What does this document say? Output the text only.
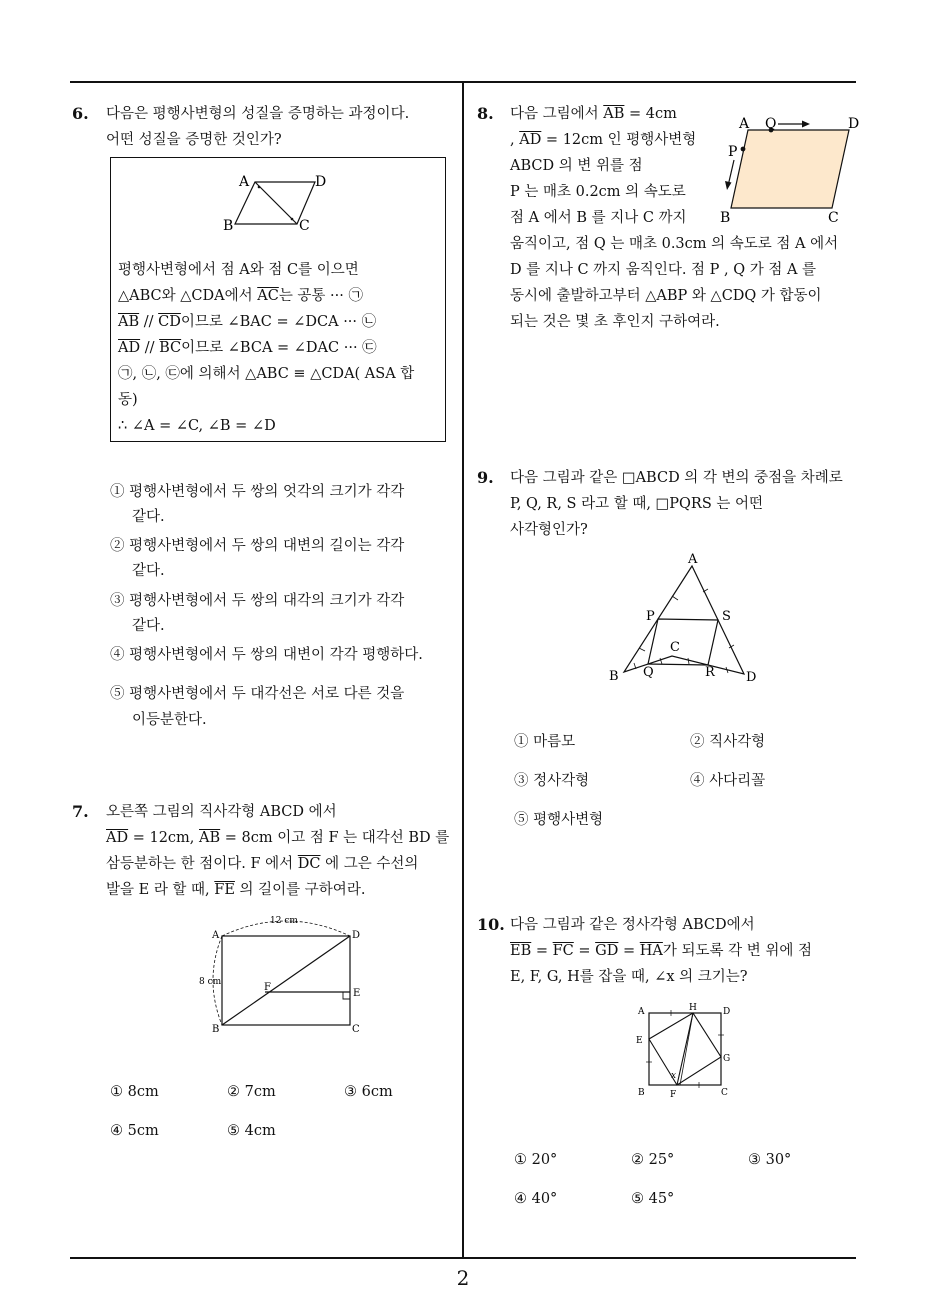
6. 다음은 평행사변형의 성질을 증명하는 과정이다.
어떤 성질을 증명한 것인가?
A	D
B	C
평행사변형에서 점 A와 점 C를 이으면
△ABC와 △CDA에서 $\overline{AC}$는 공통 ··· ㉠
$\overline{AB} // \overline{CD}$이므로 ∠BAC = ∠DCA ··· ㉡
$\overline{AD} // \overline{BC}$이므로 ∠BCA = ∠DAC ··· ㉢
㉠, ㉡, ㉢에 의해서 △ABC ≡ △CDA( ASA 합
동)
∴ ∠A = ∠C, ∠B = ∠D
① 평행사변형에서 두 쌍의 엇각의 크기가 각각
같다.
② 평행사변형에서 두 쌍의 대변의 길이는 각각
같다.
③ 평행사변형에서 두 쌍의 대각의 크기가 각각
같다.
④ 평행사변형에서 두 쌍의 대변이 각각 평행하다.
⑤ 평행사변형에서 두 대각선은 서로 다른 것을
이등분한다.
7. 오른쪽 그림의 직사각형 ABCD 에서
$\overline{AD} = 12cm$, $\overline{AB} = 8cm$ 이고 점 F 는 대각선 BD 를
삼등분하는 한 점이다. F 에서 $\overline{DC}$ 에 그은 수선의
발을 E 라 할 때, $\overline{FE}$ 의 길이를 구하여라.
12 cm
8 cm
A	D
B	C
E
F
① 8cm	② 7cm	③ 6cm
④ 5cm	⑤ 4cm
8. 다음 그림에서 $\overline{AB} = 4cm$
, $\overline{AD} = 12cm$ 인 평행사변형
ABCD 의 변 위를 점
P 는 매초 0.2cm 의 속도로
점 A 에서 B 를 지나 C 까지
움직이고, 점 Q 는 매초 0.3cm 의 속도로 점 A 에서
D 를 지나 C 까지 움직인다. 점 P , Q 가 점 A 를
동시에 출발하고부터 △ABP 와 △CDQ 가 합동이
되는 것은 몇 초 후인지 구하여라.
A Q	D
P
B	C
9. 다음 그림과 같은 □ABCD 의 각 변의 중점을 차례로
P, Q, R, S 라고 할 때, □PQRS 는 어떤
사각형인가?
A
P	S
C
B Q	R D
① 마름모	② 직사각형
③ 정사각형	④ 사다리꼴
⑤ 평행사변형
10. 다음 그림과 같은 정사각형 ABCD에서
$\overline{EB} = \overline{FC} = \overline{GD} = \overline{HA}$가 되도록 각 변 위에 점
E, F, G, H를 잡을 때, ∠x 의 크기는?
A	H	D
E
G
B	F	C
x
① 20°	② 25°	③ 30°
④ 40°	⑤ 45°
2
